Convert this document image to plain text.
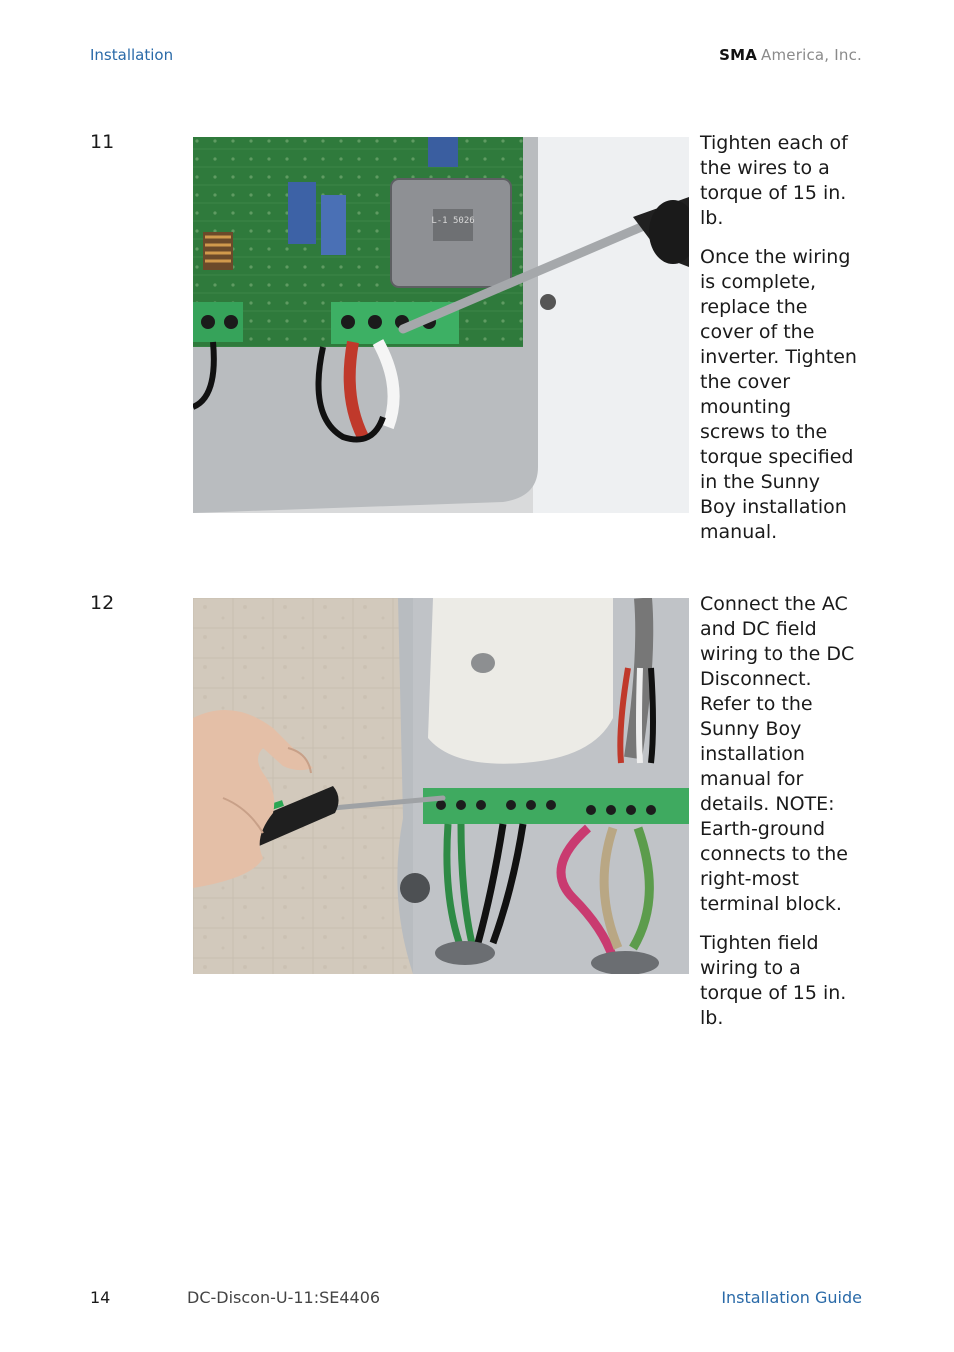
Installation	SMA America, Inc.
11
L-1 5026

Tighten each of the wires to a torque of 15 in. lb.

Once the wiring is complete, replace the cover of the inverter. Tighten the cover mounting screws to the torque specified in the Sunny Boy installation manual.

12	Connect the AC and DC field wiring to the DC Disconnect. Refer to the Sunny Boy installation manual for details. NOTE: Earth-ground connects to the right-most terminal block.

Tighten field wiring to a torque of 15 in. lb.

14	DC-Discon-U-11:SE4406	Installation Guide
